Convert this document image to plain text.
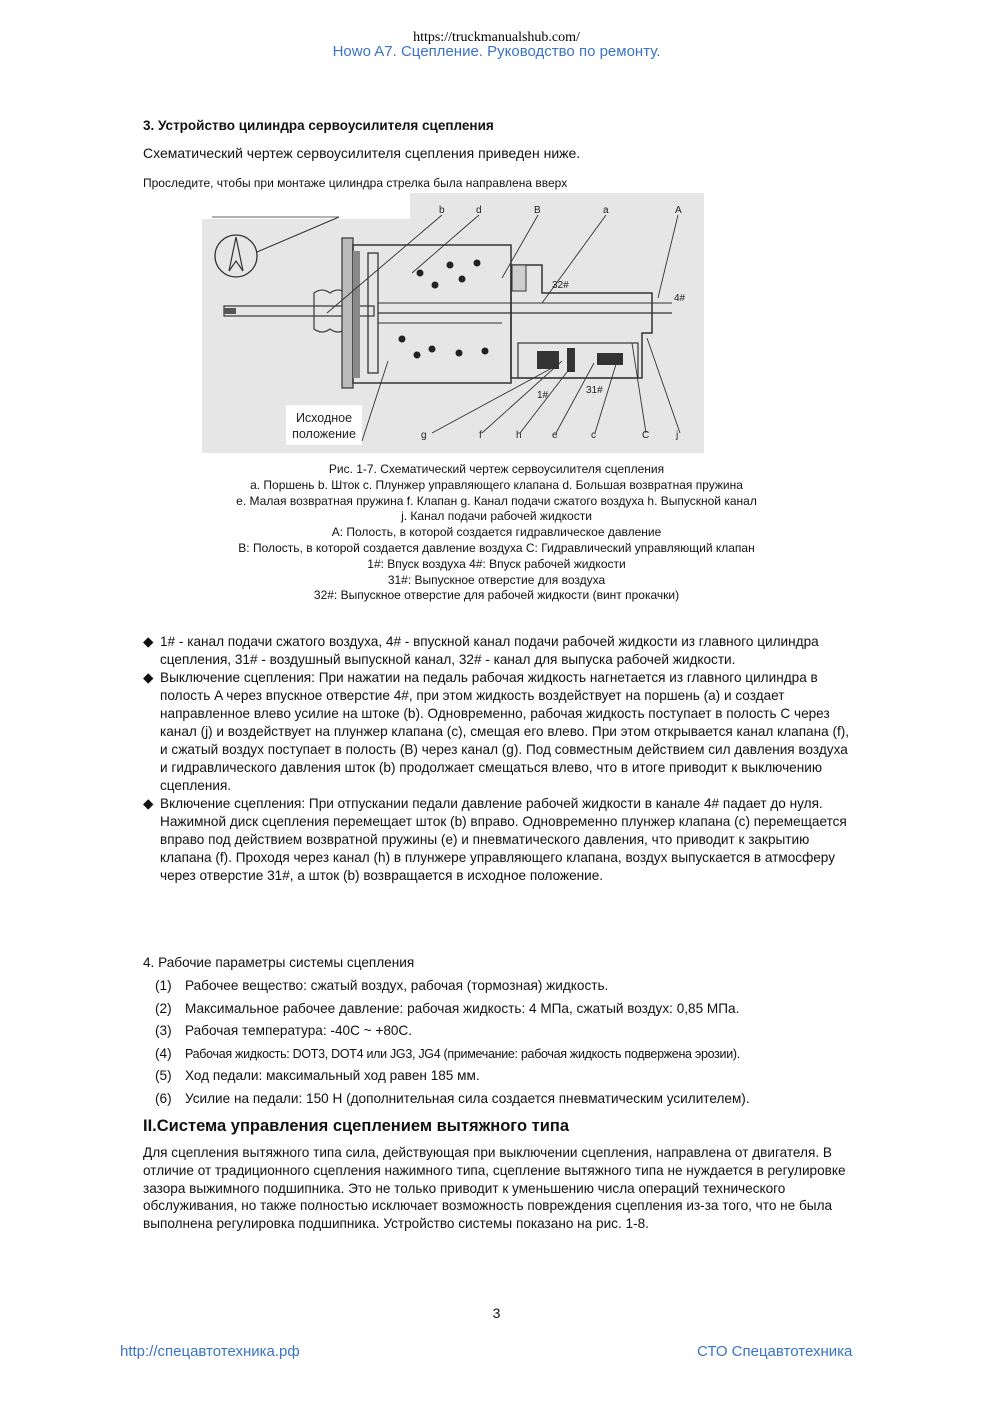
https://truckmanualshub.com/
Howo A7. Сцепление. Руководство по ремонту.
3. Устройство цилиндра сервоусилителя сцепления
Схематический чертеж сервоусилителя сцепления приведен ниже.
Проследите, чтобы при монтаже цилиндра стрелка была направлена вверх
b	d	B	a	A
32#
4#
1#	31#
g	f	h	e	c	C	j
Исходное
положение
Рис. 1-7. Схематический чертеж сервоусилителя сцепления
a. Поршень b. Шток c. Плунжер управляющего клапана d. Большая возвратная пружина
e. Малая возвратная пружина f. Клапан g. Канал подачи сжатого воздуха h. Выпускной канал
j. Канал подачи рабочей жидкости
A: Полость, в которой создается гидравлическое давление
B: Полость, в которой создается давление воздуха C: Гидравлический управляющий клапан
1#: Впуск воздуха 4#: Впуск рабочей жидкости
31#: Выпускное отверстие для воздуха
32#: Выпускное отверстие для рабочей жидкости (винт прокачки)
◆ 1# - канал подачи сжатого воздуха, 4# - впускной канал подачи рабочей жидкости из главного цилиндра сцепления, 31# - воздушный выпускной канал, 32# - канал для выпуска рабочей жидкости.
◆ Выключение сцепления: При нажатии на педаль рабочая жидкость нагнетается из главного цилиндра в полость A через впускное отверстие 4#, при этом жидкость воздействует на поршень (a) и создает направленное влево усилие на штоке (b). Одновременно, рабочая жидкость поступает в полость C через канал (j) и воздействует на плунжер клапана (c), смещая его влево. При этом открывается канал клапана (f), и сжатый воздух поступает в полость (B) через канал (g). Под совместным действием сил давления воздуха и гидравлического давления шток (b) продолжает смещаться влево, что в итоге приводит к выключению сцепления.
◆ Включение сцепления: При отпускании педали давление рабочей жидкости в канале 4# падает до нуля. Нажимной диск сцепления перемещает шток (b) вправо. Одновременно плунжер клапана (c) перемещается вправо под действием возвратной пружины (e) и пневматического давления, что приводит к закрытию клапана (f). Проходя через канал (h) в плунжере управляющего клапана, воздух выпускается в атмосферу через отверстие 31#, а шток (b) возвращается в исходное положение.
4. Рабочие параметры системы сцепления
(1) Рабочее вещество: сжатый воздух, рабочая (тормозная) жидкость.
(2) Максимальное рабочее давление: рабочая жидкость: 4 МПа, сжатый воздух: 0,85 МПа.
(3) Рабочая температура: -40C ~ +80C.
(4) Рабочая жидкость: DOT3, DOT4 или JG3, JG4 (примечание: рабочая жидкость подвержена эрозии).
(5) Ход педали: максимальный ход равен 185 мм.
(6) Усилие на педали: 150 Н (дополнительная сила создается пневматическим усилителем).
II.Система управления сцеплением вытяжного типа
Для сцепления вытяжного типа сила, действующая при выключении сцепления, направлена от двигателя. В отличие от традиционного сцепления нажимного типа, сцепление вытяжного типа не нуждается в регулировке зазора выжимного подшипника. Это не только приводит к уменьшению числа операций технического обслуживания, но также полностью исключает возможность повреждения сцепления из-за того, что не была выполнена регулировка подшипника. Устройство системы показано на рис. 1-8.
3
http://спецавтотехника.рф	СТО Спецавтотехника
